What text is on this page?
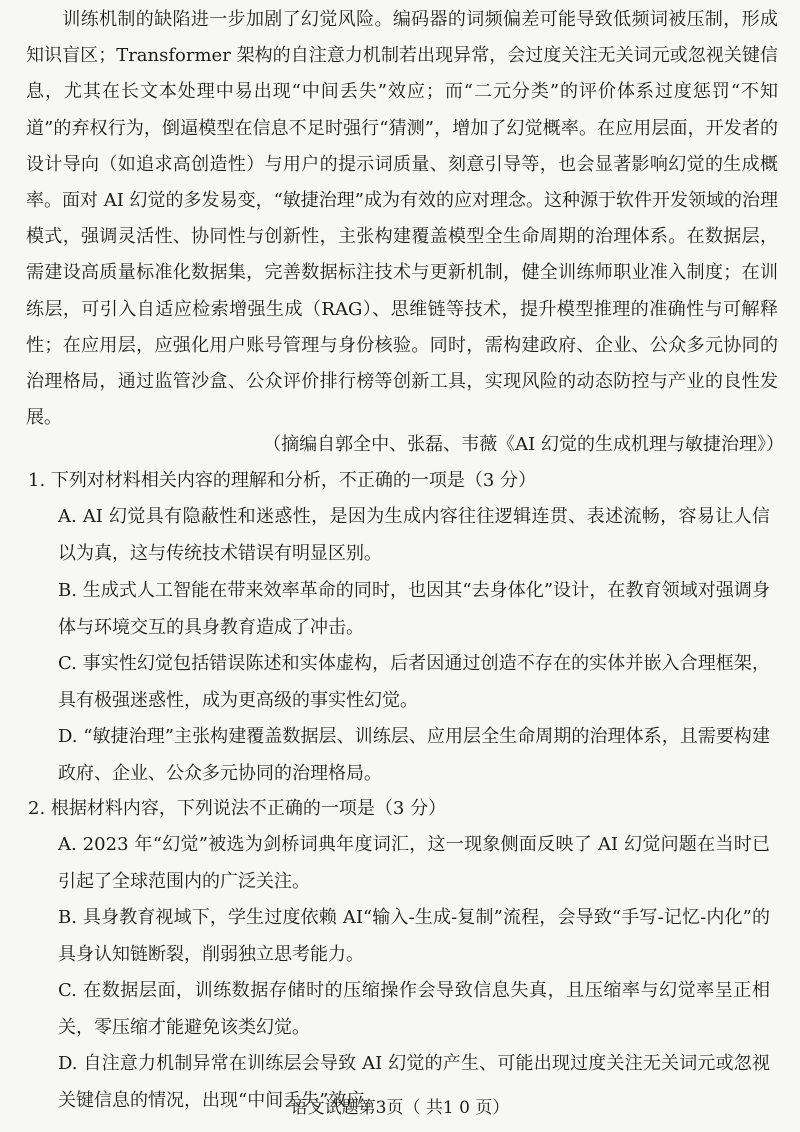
训练机制的缺陷进一步加剧了幻觉风险。编码器的词频偏差可能导致低频词被压制，形成知识盲区；Transformer 架构的自注意力机制若出现异常，会过度关注无关词元或忽视关键信息，尤其在长文本处理中易出现“中间丢失”效应；而“二元分类”的评价体系过度惩罚“不知道”的弃权行为，倒逼模型在信息不足时强行“猜测”，增加了幻觉概率。在应用层面，开发者的设计导向（如追求高创造性）与用户的提示词质量、刻意引导等，也会显著影响幻觉的生成概率。 面对 AI 幻觉的多发易变，“敏捷治理”成为有效的应对理念。这种源于软件开发领域的治理模式，强调灵活性、协同性与创新性，主张构建覆盖模型全生命周期的治理体系。在数据层，需建设高质量标准化数据集，完善数据标注技术与更新机制，健全训练师职业准入制度；在训练层，可引入自适应检索增强生成（RAG）、思维链等技术，提升模型推理的准确性与可解释性；在应用层，应强化用户账号管理与身份核验。同时，需构建政府、企业、公众多元协同的治理格局，通过监管沙盒、公众评价排行榜等创新工具，实现风险的动态防控与产业的良性发展。

（摘编自郭全中、张磊、韦薇《AI 幻觉的生成机理与敏捷治理》）

1. 下列对材料相关内容的理解和分析，不正确的一项是（3 分）

A. AI 幻觉具有隐蔽性和迷惑性，是因为生成内容往往逻辑连贯、表述流畅，容易让人信以为真，这与传统技术错误有明显区别。

B. 生成式人工智能在带来效率革命的同时，也因其“去身体化”设计，在教育领域对强调身体与环境交互的具身教育造成了冲击。

C. 事实性幻觉包括错误陈述和实体虚构，后者因通过创造不存在的实体并嵌入合理框架，具有极强迷惑性，成为更高级的事实性幻觉。

D. “敏捷治理”主张构建覆盖数据层、训练层、应用层全生命周期的治理体系，且需要构建政府、企业、公众多元协同的治理格局。

2. 根据材料内容，下列说法不正确的一项是（3 分）

A. 2023 年“幻觉”被选为剑桥词典年度词汇，这一现象侧面反映了 AI 幻觉问题在当时已引起了全球范围内的广泛关注。

B. 具身教育视域下，学生过度依赖 AI“输入-生成-复制”流程，会导致“手写-记忆-内化”的具身认知链断裂，削弱独立思考能力。

C. 在数据层面，训练数据存储时的压缩操作会导致信息失真，且压缩率与幻觉率呈正相关，零压缩才能避免该类幻觉。

D. 自注意力机制异常在训练层会导致 AI 幻觉的产生、可能出现过度关注无关词元或忽视关键信息的情况，出现“中间丢失”效应。

语文试题第3页（ 共1 0 页）
